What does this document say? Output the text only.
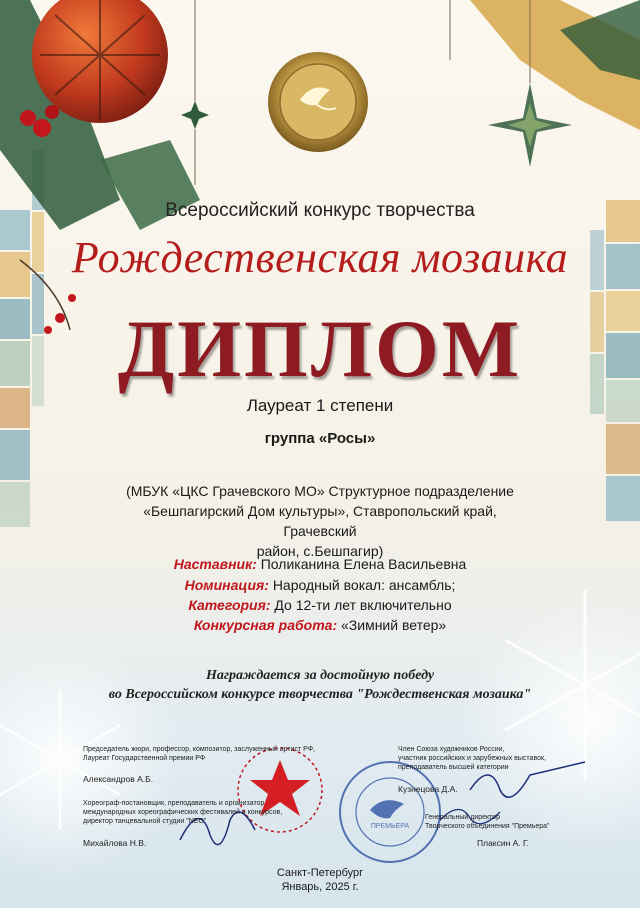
ПРЕМЬЕРА
Всероссийский конкурс творчества
Рождественская мозаика
ДИПЛОМ
Лауреат 1 степени
группа «Росы»
(МБУК «ЦКС Грачевского МО» Структурное подразделение
«Бешпагирский Дом культуры», Ставропольский край, Грачевский
район, с.Бешпагир)
Наставник: Поликанина Елена Васильевна
Номинация: Народный вокал: ансамбль;
Категория: До 12-ти лет включительно
Конкурсная работа: «Зимний ветер»
Награждается за достойную победу
во Всероссийском конкурсе творчества "Рождественская мозаика"
Председатель жюри, профессор, композитор, заслуженный артист РФ,
Лауреат Государственной премии РФ
Александров А.Б.
Хореограф-постановщик, преподаватель и организатор
международных хореографических фестивалей и конкурсов,
директор танцевальной студии "NEO"
Михайлова Н.В.
Член Союза художников России,
участник российских и зарубежных выставок,
преподаватель высшей категории
Кузнецова Д.А.
Генеральный директор
Творческого объединения "Премьера"
Плаксин А. Г.
Санкт-Петербург
Январь, 2025 г.
